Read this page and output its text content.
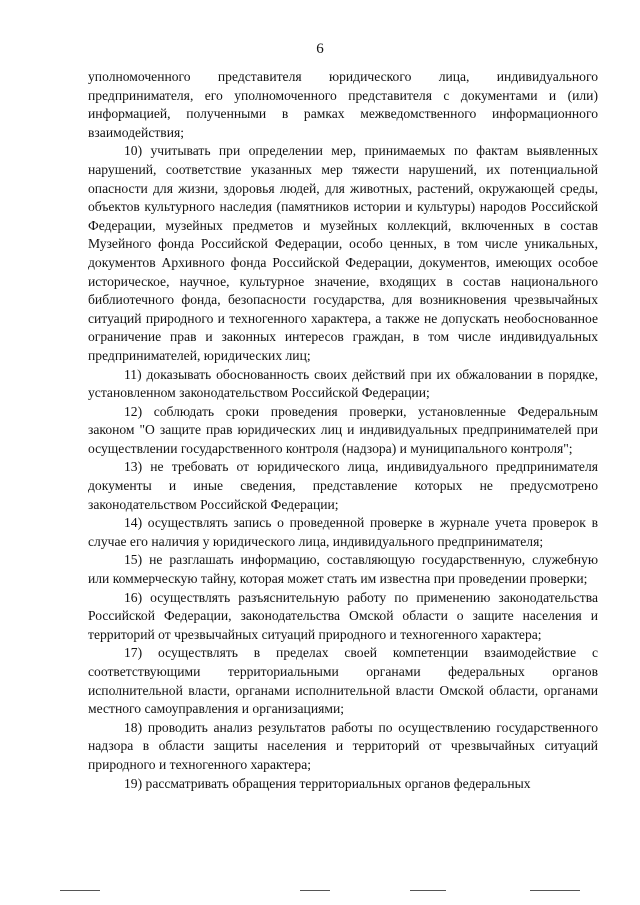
6

уполномоченного представителя юридического лица, индивидуального предпринимателя, его уполномоченного представителя с документами и (или) информацией, полученными в рамках межведомственного информационного взаимодействия;

10) учитывать при определении мер, принимаемых по фактам выявленных нарушений, соответствие указанных мер тяжести нарушений, их потенциальной опасности для жизни, здоровья людей, для животных, растений, окружающей среды, объектов культурного наследия (памятников истории и культуры) народов Российской Федерации, музейных предметов и музейных коллекций, включенных в состав Музейного фонда Российской Федерации, особо ценных, в том числе уникальных, документов Архивного фонда Российской Федерации, документов, имеющих особое историческое, научное, культурное значение, входящих в состав национального библиотечного фонда, безопасности государства, для возникновения чрезвычайных ситуаций природного и техногенного характера, а также не допускать необоснованное ограничение прав и законных интересов граждан, в том числе индивидуальных предпринимателей, юридических лиц;

11) доказывать обоснованность своих действий при их обжаловании в порядке, установленном законодательством Российской Федерации;

12) соблюдать сроки проведения проверки, установленные Федеральным законом "О защите прав юридических лиц и индивидуальных предпринимателей при осуществлении государственного контроля (надзора) и муниципального контроля";

13) не требовать от юридического лица, индивидуального предпринимателя документы и иные сведения, представление которых не предусмотрено законодательством Российской Федерации;

14) осуществлять запись о проведенной проверке в журнале учета проверок в случае его наличия у юридического лица, индивидуального предпринимателя;

15) не разглашать информацию, составляющую государственную, служебную или коммерческую тайну, которая может стать им известна при проведении проверки;

16) осуществлять разъяснительную работу по применению законодательства Российской Федерации, законодательства Омской области о защите населения и территорий от чрезвычайных ситуаций природного и техногенного характера;

17) осуществлять в пределах своей компетенции взаимодействие с соответствующими территориальными органами федеральных органов исполнительной власти, органами исполнительной власти Омской области, органами местного самоуправления и организациями;

18) проводить анализ результатов работы по осуществлению государственного надзора в области защиты населения и территорий от чрезвычайных ситуаций природного и техногенного характера;

19) рассматривать обращения территориальных органов федеральных
